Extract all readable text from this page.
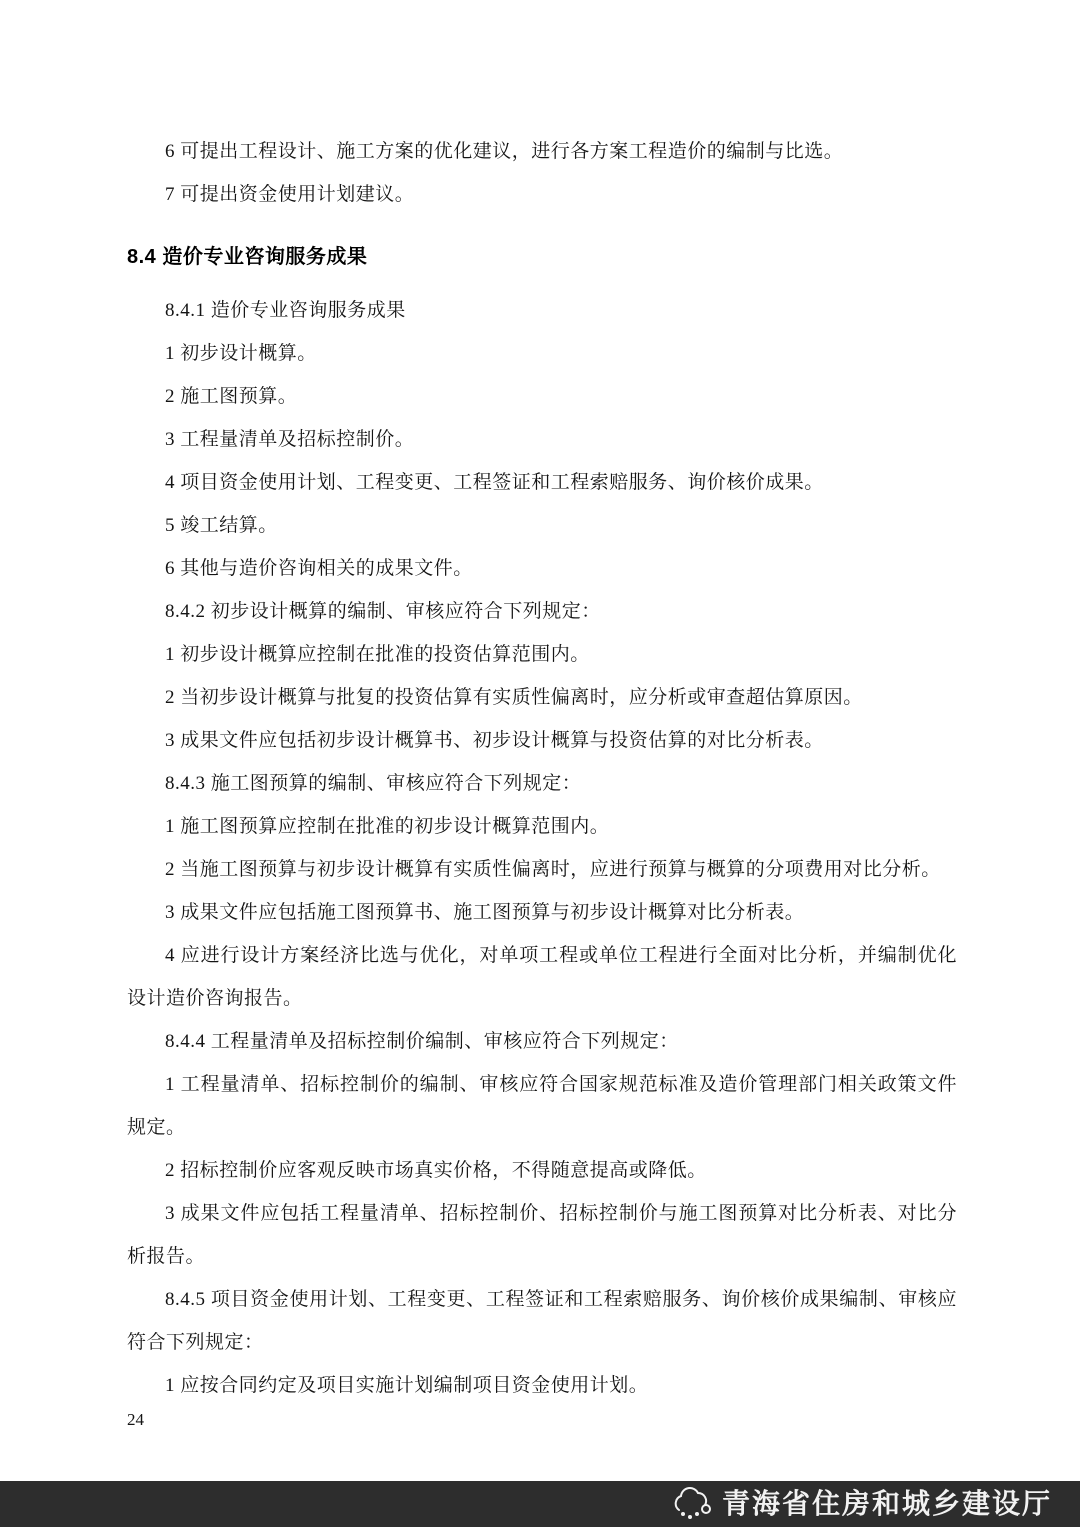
6 可提出工程设计、施工方案的优化建议，进行各方案工程造价的编制与比选。

7 可提出资金使用计划建议。

8.4 造价专业咨询服务成果

8.4.1 造价专业咨询服务成果

1 初步设计概算。

2 施工图预算。

3 工程量清单及招标控制价。

4 项目资金使用计划、工程变更、工程签证和工程索赔服务、询价核价成果。

5 竣工结算。

6 其他与造价咨询相关的成果文件。

8.4.2 初步设计概算的编制、审核应符合下列规定：

1 初步设计概算应控制在批准的投资估算范围内。

2 当初步设计概算与批复的投资估算有实质性偏离时，应分析或审查超估算原因。

3 成果文件应包括初步设计概算书、初步设计概算与投资估算的对比分析表。

8.4.3 施工图预算的编制、审核应符合下列规定：

1 施工图预算应控制在批准的初步设计概算范围内。

2 当施工图预算与初步设计概算有实质性偏离时，应进行预算与概算的分项费用对比分析。

3 成果文件应包括施工图预算书、施工图预算与初步设计概算对比分析表。

4 应进行设计方案经济比选与优化，对单项工程或单位工程进行全面对比分析，并编制优化设计造价咨询报告。

8.4.4 工程量清单及招标控制价编制、审核应符合下列规定：

1 工程量清单、招标控制价的编制、审核应符合国家规范标准及造价管理部门相关政策文件规定。

2 招标控制价应客观反映市场真实价格，不得随意提高或降低。

3 成果文件应包括工程量清单、招标控制价、招标控制价与施工图预算对比分析表、对比分析报告。

8.4.5 项目资金使用计划、工程变更、工程签证和工程索赔服务、询价核价成果编制、审核应符合下列规定：

1 应按合同约定及项目实施计划编制项目资金使用计划。

24
青海省住房和城乡建设厅
